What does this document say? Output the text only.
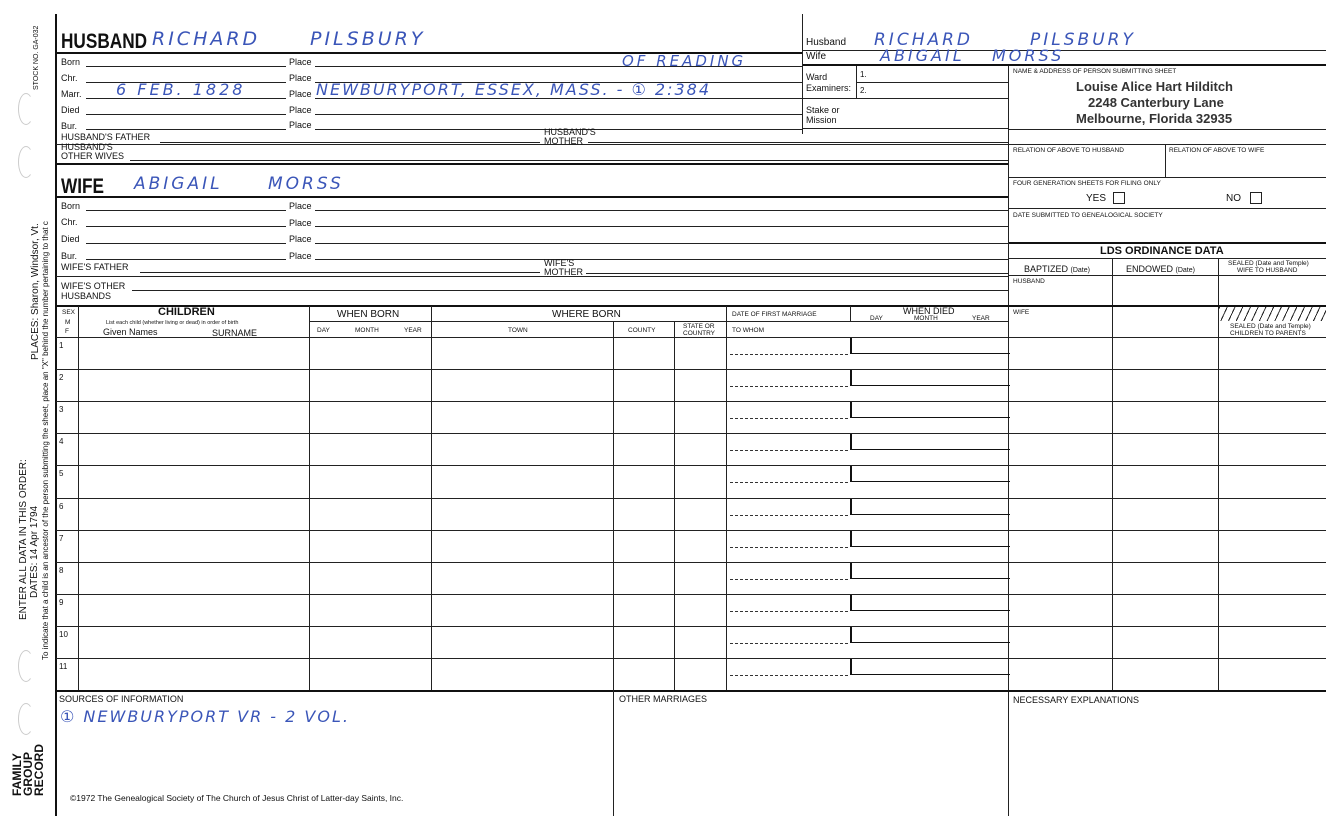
STOCK NO. GA-032
PLACES: Sharon, Windsor, Vt. To indicate that a child is an ancestor of the person submitting the sheet, place an "X" behind the number pertaining to that c
ENTER ALL DATA IN THIS ORDER: DATES: 14 Apr 1794
FAMILY
GROUP
RECORD
HUSBAND RICHARD	PILSBURY
Born	Place	OF READING
Chr.	Place
Marr. 6 FEB. 1828	Place NEWBURYPORT, ESSEX, MASS. - ① 2:384
Died	Place
Bur.	Place
HUSBAND'S FATHER	HUSBAND'S
MOTHER
HUSBAND'S
OTHER WIVES
WIFE ABIGAIL	MORSS
Born	Place
Chr.	Place
Died	Place
Bur.	Place
WIFE'S FATHER	WIFE'S
MOTHER
WIFE'S OTHER
HUSBANDS
Husband RICHARD	PILSBURY
Wife	ABIGAIL MORSS
Ward
Examiners:
1.
2.
Stake or
Mission
NAME & ADDRESS OF PERSON SUBMITTING SHEET
Louise Alice Hart Hilditch
2248 Canterbury Lane
Melbourne, Florida 32935
RELATION OF ABOVE TO HUSBAND	RELATION OF ABOVE TO WIFE
FOUR GENERATION SHEETS FOR FILING ONLY
YES	NO
DATE SUBMITTED TO GENEALOGICAL SOCIETY
LDS ORDINANCE DATA
BAPTIZED (Date)	ENDOWED (Date)
SEALED (Date and Temple)
WIFE TO HUSBAND
HUSBAND
WIFE
SEALED (Date and Temple)
CHILDREN TO PARENTS
SEX
M
F
CHILDREN
List each child (whether living or dead) in order of birth
Given Names	SURNAME
WHEN BORN
DAY	MONTH	YEAR
WHERE BORN
TOWN	COUNTY
STATE OR
COUNTRY
DATE OF FIRST MARRIAGE
TO WHOM
DAY
WHEN DIED
MONTH	YEAR
1
2
3
4
5
6
7
8
9
10
11
SOURCES OF INFORMATION
① NEWBURYPORT VR - 2 VOL.
OTHER MARRIAGES	NECESSARY EXPLANATIONS
©1972 The Genealogical Society of The Church of Jesus Christ of Latter-day Saints, Inc.
